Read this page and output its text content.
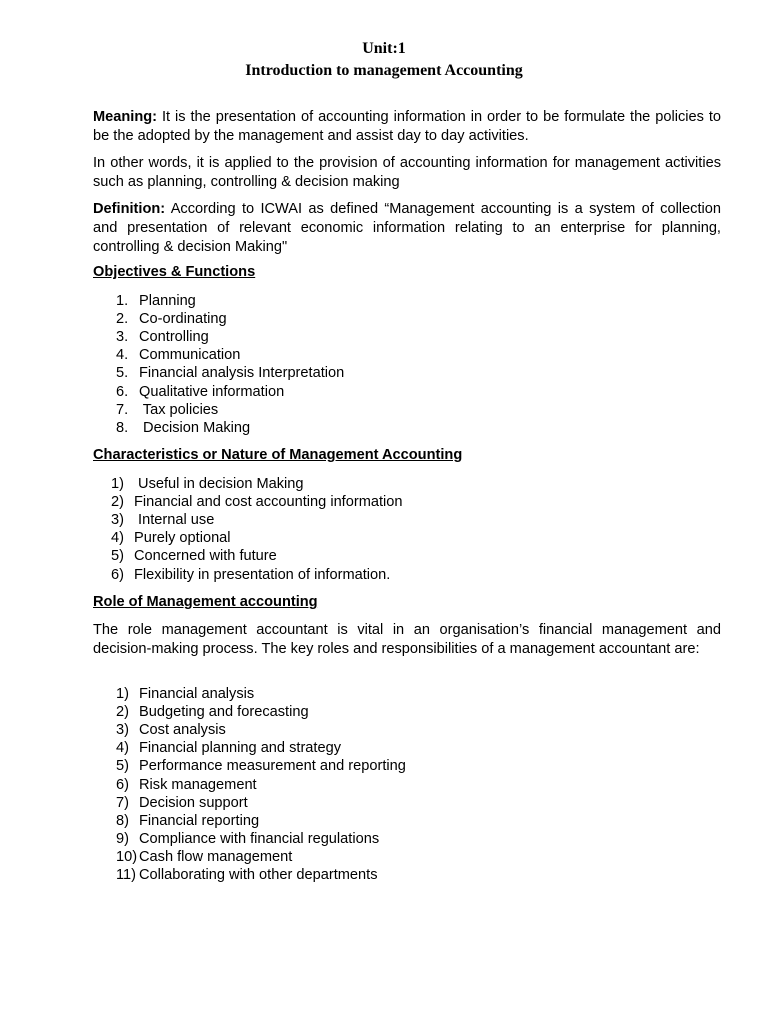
Unit:1
Introduction to management Accounting
Meaning: It is the presentation of accounting information in order to be formulate the policies to be the adopted by the management and assist day to day activities.
In other words, it is applied to the provision of accounting information for management activities such as planning, controlling & decision making
Definition: According to ICWAI as defined “Management accounting is a system of collection and presentation of relevant economic information relating to an enterprise for planning, controlling & decision Making"
Objectives & Functions
1. Planning
2. Co-ordinating
3. Controlling
4. Communication
5. Financial analysis Interpretation
6. Qualitative information
7. Tax policies
8. Decision Making
Characteristics or Nature of Management Accounting
1) Useful in decision Making
2) Financial and cost accounting information
3) Internal use
4) Purely optional
5) Concerned with future
6) Flexibility in presentation of information.
Role of Management accounting
The role management accountant is vital in an organisation’s financial management and decision-making process. The key roles and responsibilities of a management accountant are:
1) Financial analysis
2) Budgeting and forecasting
3) Cost analysis
4) Financial planning and strategy
5) Performance measurement and reporting
6) Risk management
7) Decision support
8) Financial reporting
9) Compliance with financial regulations
10) Cash flow management
11) Collaborating with other departments
